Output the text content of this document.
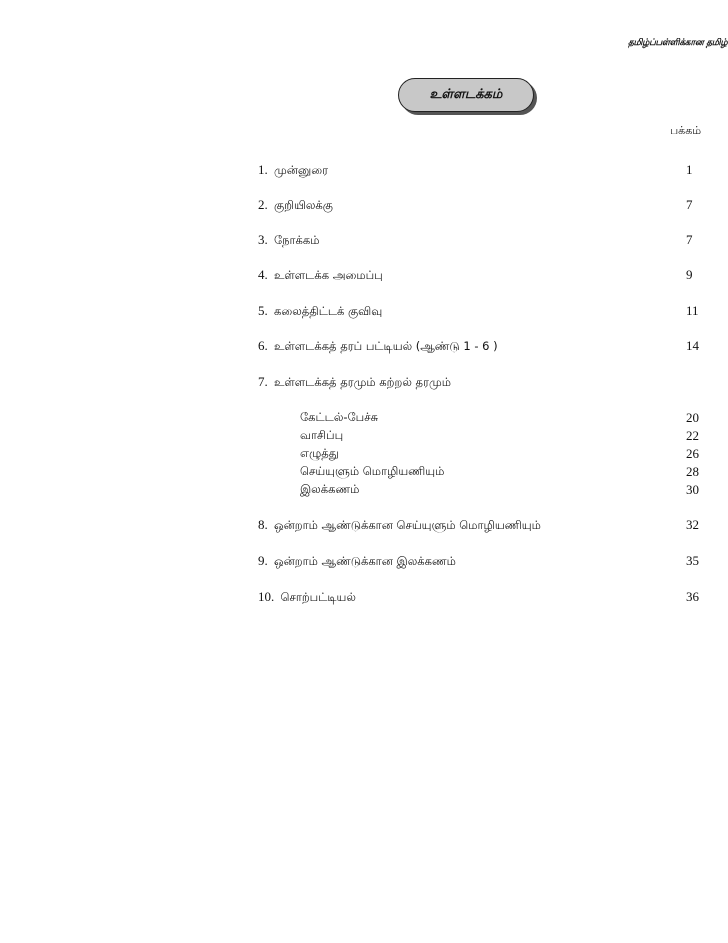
தமிழ்ப்பள்ளிக்கான தமிழ்
உள்ளடக்கம்
பக்கம்
1. முன்னுரை	1
2. குறியிலக்கு	7
3. நோக்கம்	7
4. உள்ளடக்க அமைப்பு	9
5. கலைத்திட்டக் குவிவு	11
6. உள்ளடக்கத் தரப் பட்டியல் (ஆண்டு 1 - 6 )	14
7. உள்ளடக்கத் தரமும் கற்றல் தரமும்
கேட்டல்-பேச்சு	20
வாசிப்பு	22
எழுத்து	26
செய்யுளும் மொழியணியும்	28
இலக்கணம்	30
8. ஒன்றாம் ஆண்டுக்கான செய்யுளும் மொழியணியும்	32
9. ஒன்றாம் ஆண்டுக்கான இலக்கணம்	35
10. சொற்பட்டியல்	36
